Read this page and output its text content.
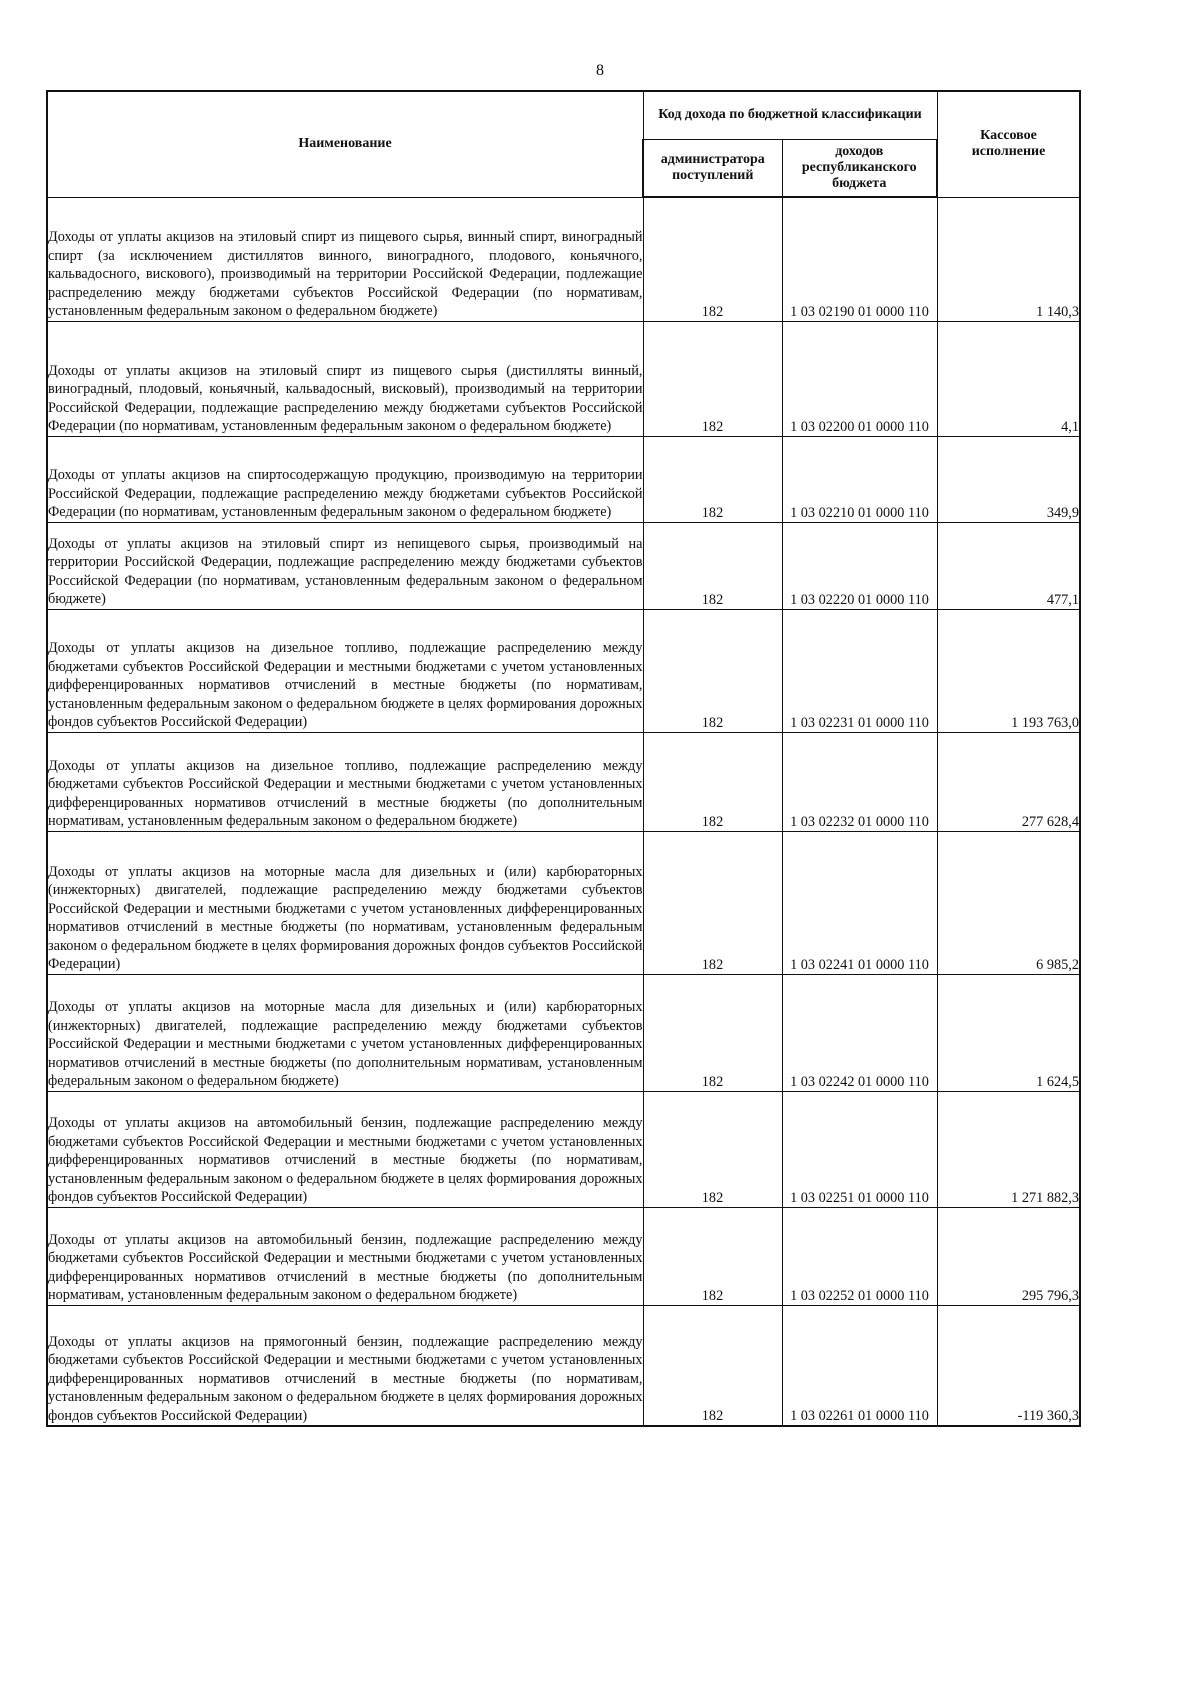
8
Наименование	Код дохода по бюджетной классификации		Кассовое исполнение

	администратора поступлений	доходов республиканского бюджета	

Доходы от уплаты акцизов на этиловый спирт из пищевого сырья, винный спирт, виноградный спирт (за исключением дистиллятов винного, виноградного, плодового, коньячного, кальвадосного, вискового), производимый на территории Российской Федерации, подлежащие распределению между бюджетами субъектов Российской Федерации (по нормативам, установленным федеральным законом о федеральном бюджете)	182	1 03 02190 01 0000 110	1 140,3

Доходы от уплаты акцизов на этиловый спирт из пищевого сырья (дистилляты винный, виноградный, плодовый, коньячный, кальвадосный, висковый), производимый на территории Российской Федерации, подлежащие распределению между бюджетами субъектов Российской Федерации (по нормативам, установленным федеральным законом о федеральном бюджете)	182	1 03 02200 01 0000 110	4,1

Доходы от уплаты акцизов на спиртосодержащую продукцию, производимую на территории Российской Федерации, подлежащие распределению между бюджетами субъектов Российской Федерации (по нормативам, установленным федеральным законом о федеральном бюджете)	182	1 03 02210 01 0000 110	349,9

Доходы от уплаты акцизов на этиловый спирт из непищевого сырья, производимый на территории Российской Федерации, подлежащие распределению между бюджетами субъектов Российской Федерации (по нормативам, установленным федеральным законом о федеральном бюджете)	182	1 03 02220 01 0000 110	477,1

Доходы от уплаты акцизов на дизельное топливо, подлежащие распределению между бюджетами субъектов Российской Федерации и местными бюджетами с учетом установленных дифференцированных нормативов отчислений в местные бюджеты (по нормативам, установленным федеральным законом о федеральном бюджете в целях формирования дорожных фондов субъектов Российской Федерации)	182	1 03 02231 01 0000 110	1 193 763,0

Доходы от уплаты акцизов на дизельное топливо, подлежащие распределению между бюджетами субъектов Российской Федерации и местными бюджетами с учетом установленных дифференцированных нормативов отчислений в местные бюджеты (по дополнительным нормативам, установленным федеральным законом о федеральном бюджете)	182	1 03 02232 01 0000 110	277 628,4

Доходы от уплаты акцизов на моторные масла для дизельных и (или) карбюраторных (инжекторных) двигателей, подлежащие распределению между бюджетами субъектов Российской Федерации и местными бюджетами с учетом установленных дифференцированных нормативов отчислений в местные бюджеты (по нормативам, установленным федеральным законом о федеральном бюджете в целях формирования дорожных фондов субъектов Российской Федерации)	182	1 03 02241 01 0000 110	6 985,2

Доходы от уплаты акцизов на моторные масла для дизельных и (или) карбюраторных (инжекторных) двигателей, подлежащие распределению между бюджетами субъектов Российской Федерации и местными бюджетами с учетом установленных дифференцированных нормативов отчислений в местные бюджеты (по дополнительным нормативам, установленным федеральным законом о федеральном бюджете)	182	1 03 02242 01 0000 110	1 624,5

Доходы от уплаты акцизов на автомобильный бензин, подлежащие распределению между бюджетами субъектов Российской Федерации и местными бюджетами с учетом установленных дифференцированных нормативов отчислений в местные бюджеты (по нормативам, установленным федеральным законом о федеральном бюджете в целях формирования дорожных фондов субъектов Российской Федерации)	182	1 03 02251 01 0000 110	1 271 882,3

Доходы от уплаты акцизов на автомобильный бензин, подлежащие распределению между бюджетами субъектов Российской Федерации и местными бюджетами с учетом установленных дифференцированных нормативов отчислений в местные бюджеты (по дополнительным нормативам, установленным федеральным законом о федеральном бюджете)	182	1 03 02252 01 0000 110	295 796,3

Доходы от уплаты акцизов на прямогонный бензин, подлежащие распределению между бюджетами субъектов Российской Федерации и местными бюджетами с учетом установленных дифференцированных нормативов отчислений в местные бюджеты (по нормативам, установленным федеральным законом о федеральном бюджете в целях формирования дорожных фондов субъектов Российской Федерации)	182	1 03 02261 01 0000 110	-119 360,3
